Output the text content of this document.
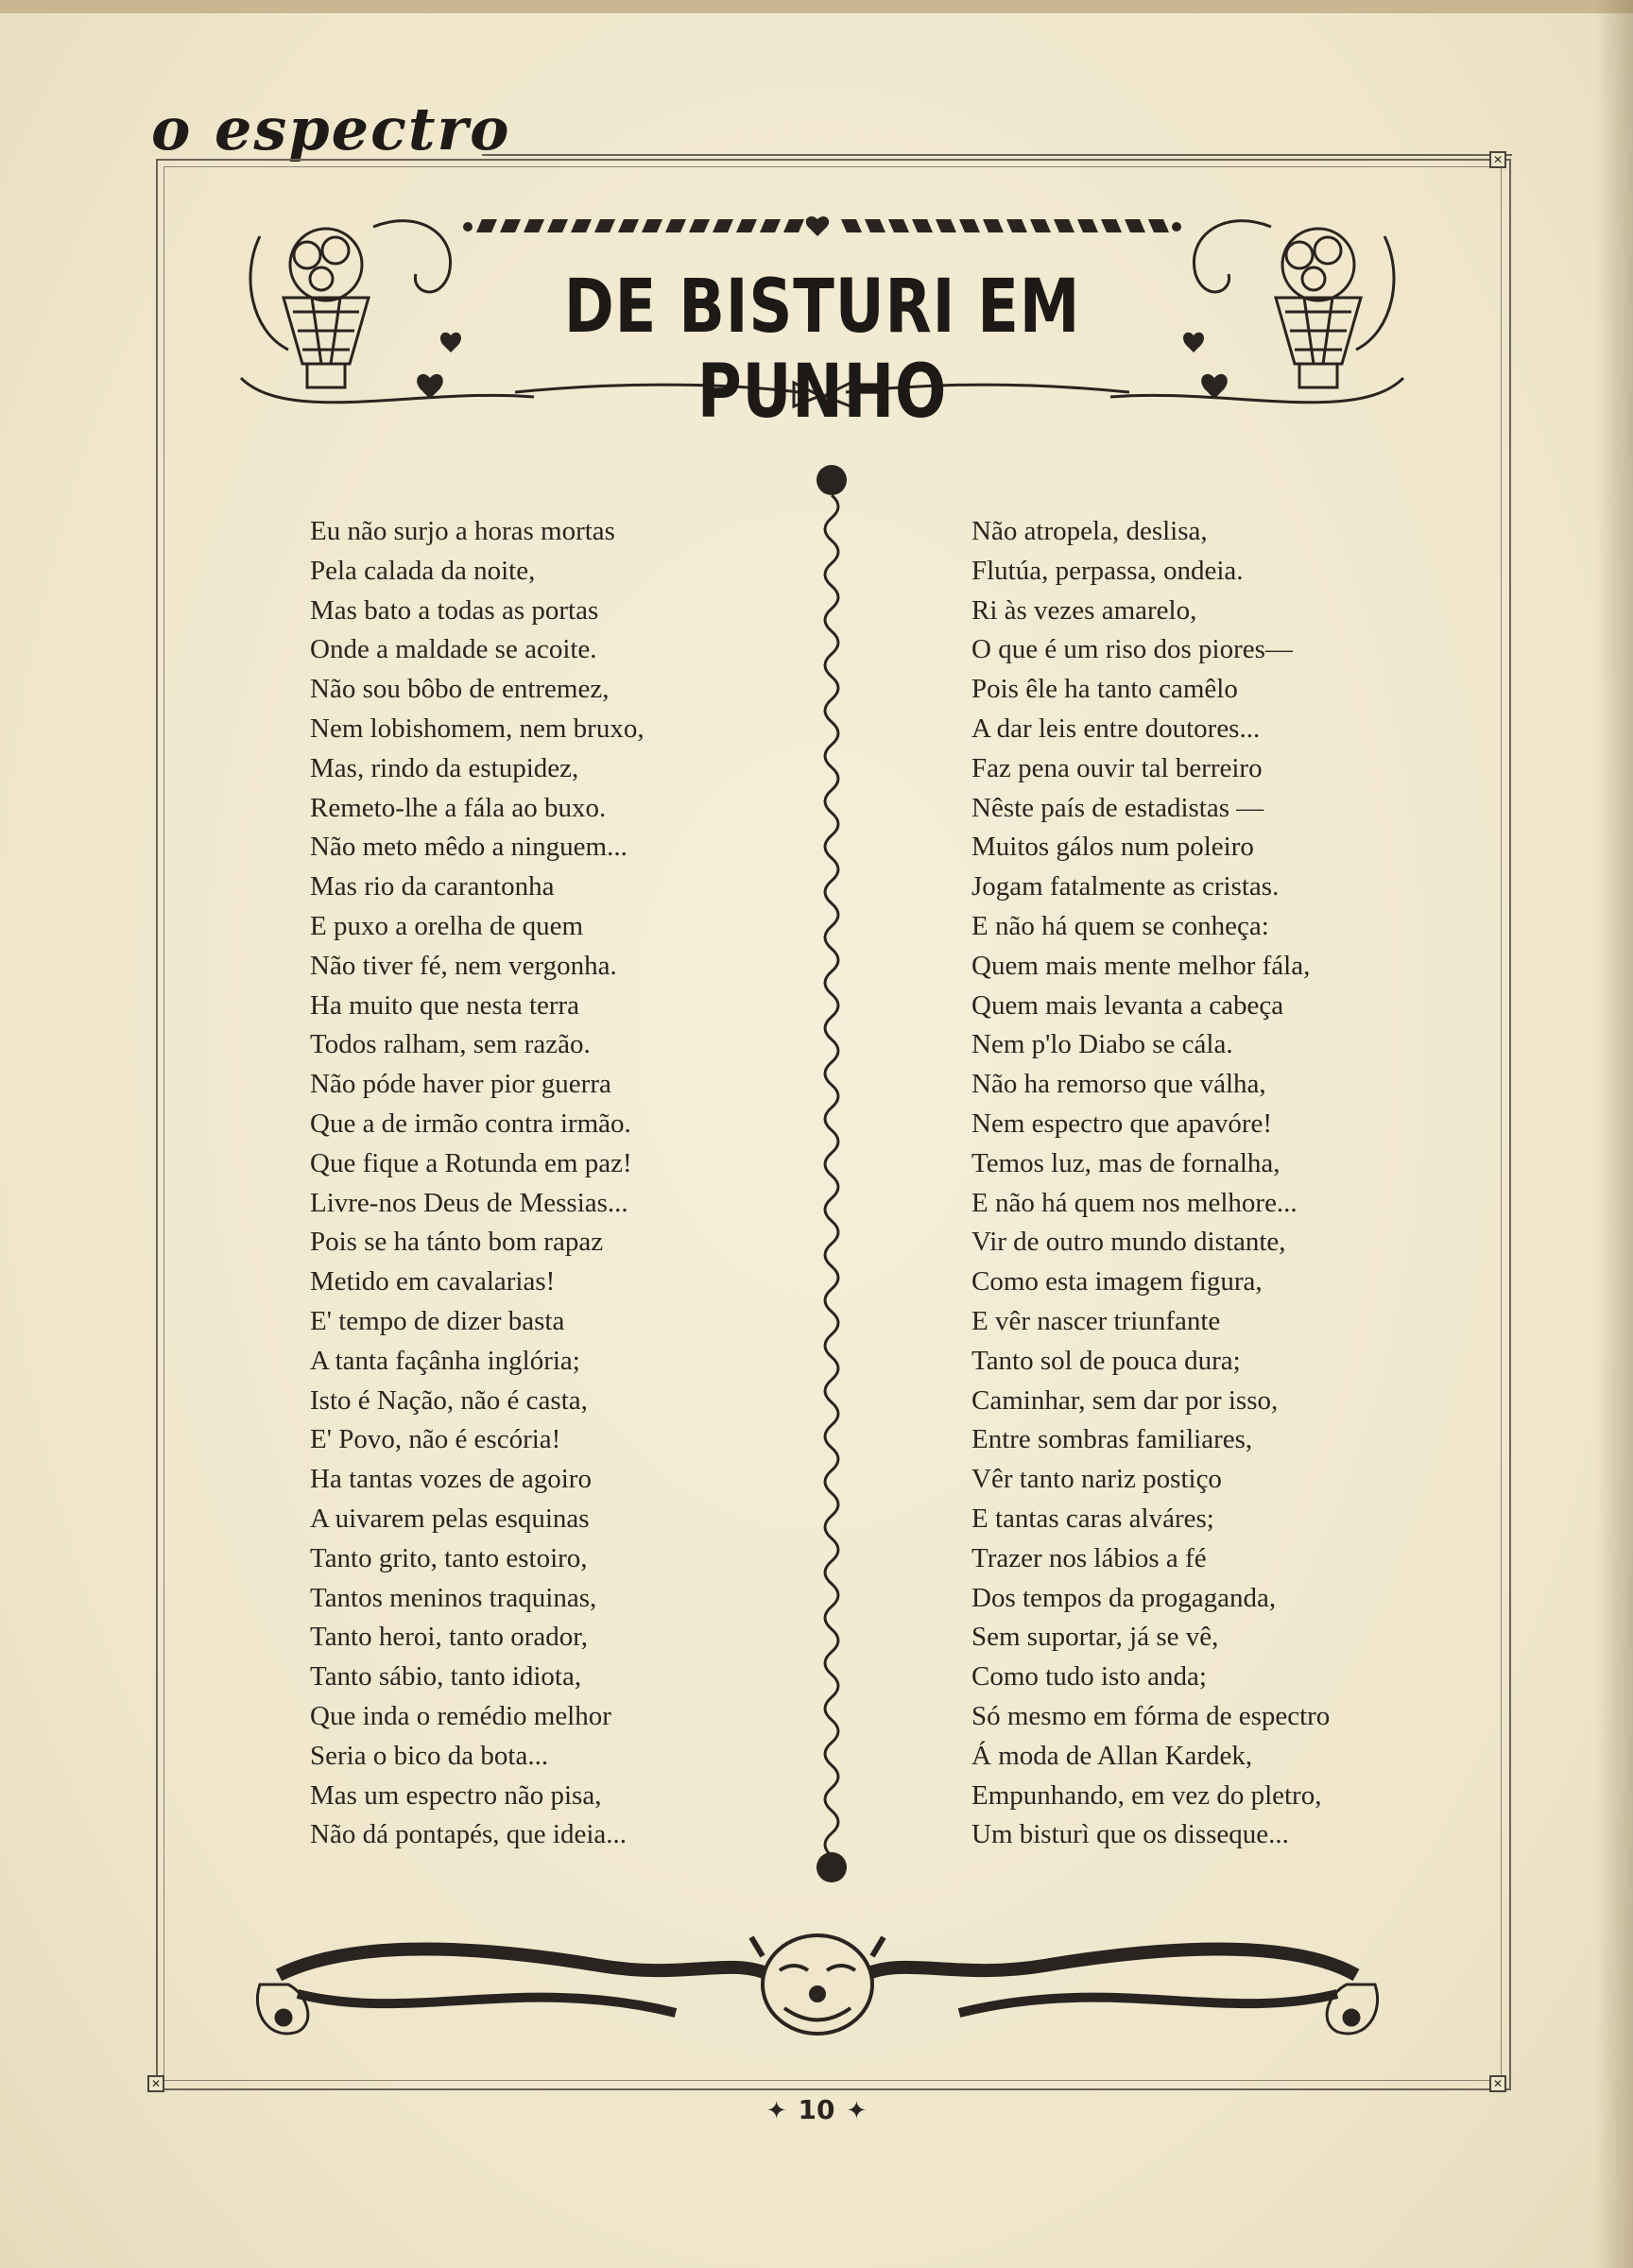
o espectro	✕
✕	✕
DE BISTURI EM PUNHO
Eu não surjo a horas mortas
Pela calada da noite,
Mas bato a todas as portas
Onde a maldade se acoite.
Não sou bôbo de entremez,
Nem lobishomem, nem bruxo,
Mas, rindo da estupidez,
Remeto-lhe a fála ao buxo.
Não meto mêdo a ninguem...
Mas rio da carantonha
E puxo a orelha de quem
Não tiver fé, nem vergonha.
Ha muito que nesta terra
Todos ralham, sem razão.
Não póde haver pior guerra
Que a de irmão contra irmão.
Que fique a Rotunda em paz!
Livre-nos Deus de Messias...
Pois se ha tánto bom rapaz
Metido em cavalarias!
E' tempo de dizer basta
A tanta façânha inglória;
Isto é Nação, não é casta,
E' Povo, não é escória!
Ha tantas vozes de agoiro
A uivarem pelas esquinas
Tanto grito, tanto estoiro,
Tantos meninos traquinas,
Tanto heroi, tanto orador,
Tanto sábio, tanto idiota,
Que inda o remédio melhor
Seria o bico da bota...
Mas um espectro não pisa,
Não dá pontapés, que ideia...
Não atropela, deslisa,
Flutúa, perpassa, ondeia.
Ri às vezes amarelo,
O que é um riso dos piores—
Pois êle ha tanto camêlo
A dar leis entre doutores...
Faz pena ouvir tal berreiro
Nêste país de estadistas —
Muitos gálos num poleiro
Jogam fatalmente as cristas.
E não há quem se conheça:
Quem mais mente melhor fála,
Quem mais levanta a cabeça
Nem p'lo Diabo se cála.
Não ha remorso que válha,
Nem espectro que apavóre!
Temos luz, mas de fornalha,
E não há quem nos melhore...
Vir de outro mundo distante,
Como esta imagem figura,
E vêr nascer triunfante
Tanto sol de pouca dura;
Caminhar, sem dar por isso,
Entre sombras familiares,
Vêr tanto nariz postiço
E tantas caras alváres;
Trazer nos lábios a fé
Dos tempos da progaganda,
Sem suportar, já se vê,
Como tudo isto anda;
Só mesmo em fórma de espectro
Á moda de Allan Kardek,
Empunhando, em vez do pletro,
Um bisturì que os disseque...
✦ 10 ✦
